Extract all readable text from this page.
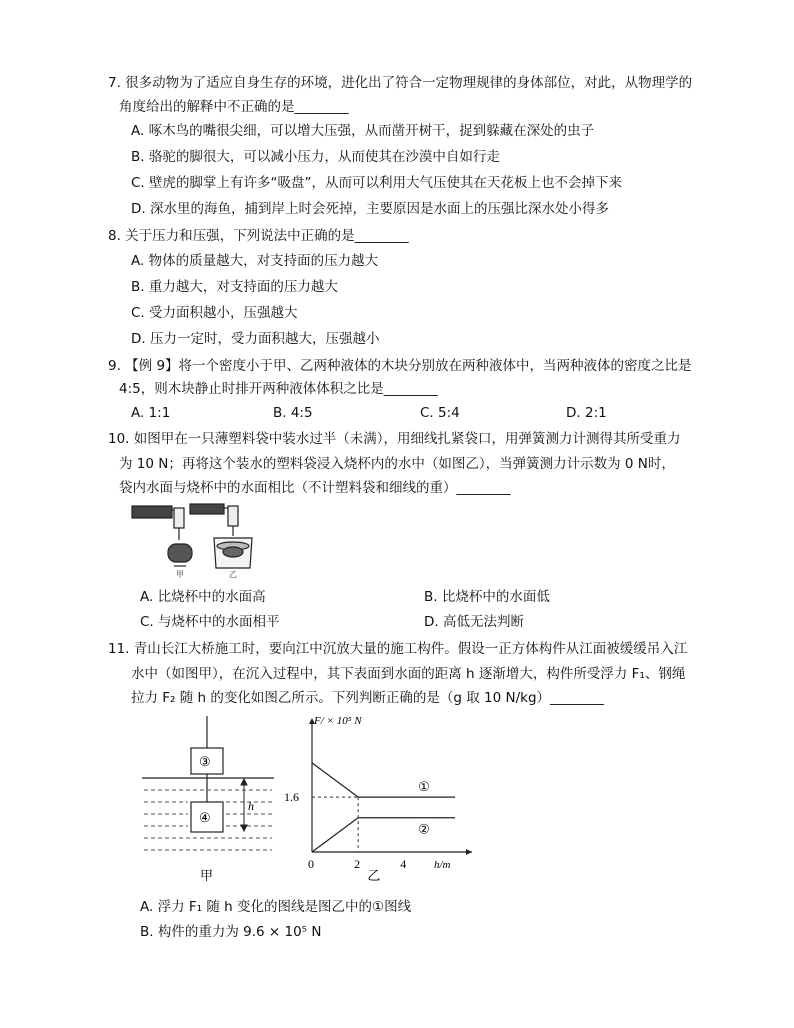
7. 很多动物为了适应自身生存的环境，进化出了符合一定物理规律的身体部位，对此，从物理学的
角度给出的解释中不正确的是________
A. 啄木鸟的嘴很尖细，可以增大压强，从而凿开树干，捉到躲藏在深处的虫子
B. 骆驼的脚很大，可以减小压力，从而使其在沙漠中自如行走
C. 壁虎的脚掌上有许多“吸盘”，从而可以利用大气压使其在天花板上也不会掉下来
D. 深水里的海鱼，捕到岸上时会死掉，主要原因是水面上的压强比深水处小得多
8. 关于压力和压强，下列说法中正确的是________
A. 物体的质量越大，对支持面的压力越大
B. 重力越大，对支持面的压力越大
C. 受力面积越小，压强越大
D. 压力一定时，受力面积越大，压强越小
9. 【例 9】将一个密度小于甲、乙两种液体的木块分别放在两种液体中，当两种液体的密度之比是
4:5，则木块静止时排开两种液体体积之比是________
A. 1:1	B. 4:5	C. 5:4	D. 2:1
10. 如图甲在一只薄塑料袋中装水过半（未满），用细线扎紧袋口，用弹簧测力计测得其所受重力
为 10 N；再将这个装水的塑料袋浸入烧杯内的水中（如图乙），当弹簧测力计示数为 0 N时，
袋内水面与烧杯中的水面相比（不计塑料袋和细线的重）________
甲	乙
A. 比烧杯中的水面高	B. 比烧杯中的水面低
C. 与烧杯中的水面相平	D. 高低无法判断
11. 青山长江大桥施工时，要向江中沉放大量的施工构件。假设一正方体构件从江面被缓缓吊入江
水中（如图甲），在沉入过程中，其下表面到水面的距离 h 逐渐增大，构件所受浮力 F₁、钢绳
拉力 F₂ 随 h 的变化如图乙所示。下列判断正确的是（g 取 10 N/kg）________
③
④
h
甲
①
②
0	2	4
1.6
F/ × 10⁵ N
h/m
乙
A. 浮力 F₁ 随 h 变化的图线是图乙中的①图线
B. 构件的重力为 9.6 × 10⁵ N
